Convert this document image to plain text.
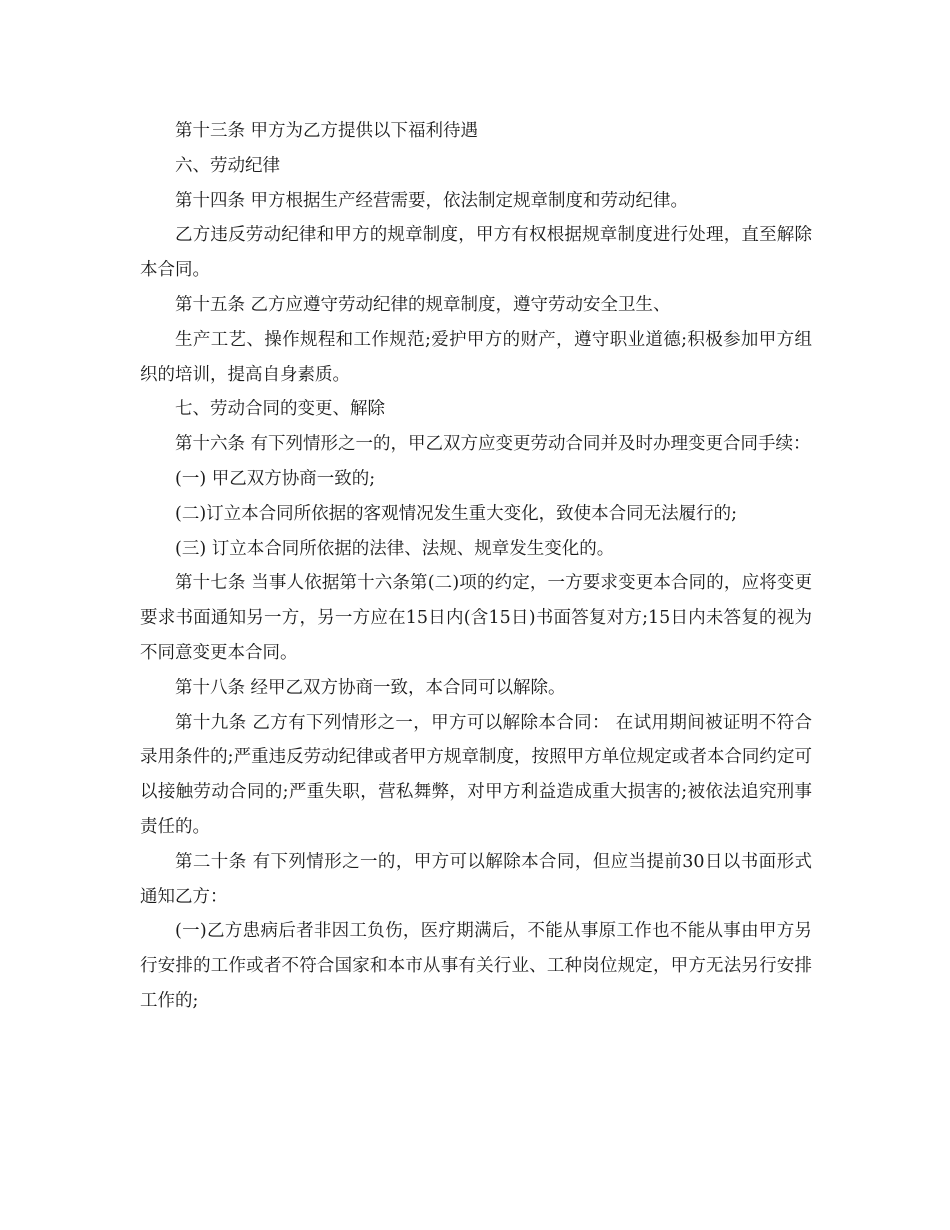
第十三条 甲方为乙方提供以下福利待遇

六、劳动纪律

第十四条 甲方根据生产经营需要，依法制定规章制度和劳动纪律。

乙方违反劳动纪律和甲方的规章制度，甲方有权根据规章制度进行处理，直至解除本合同。

第十五条 乙方应遵守劳动纪律的规章制度，遵守劳动安全卫生、

生产工艺、操作规程和工作规范;爱护甲方的财产，遵守职业道德;积极参加甲方组织的培训，提高自身素质。

七、劳动合同的变更、解除

第十六条 有下列情形之一的，甲乙双方应变更劳动合同并及时办理变更合同手续：

(一) 甲乙双方协商一致的;

(二)订立本合同所依据的客观情况发生重大变化，致使本合同无法履行的;

(三) 订立本合同所依据的法律、法规、规章发生变化的。

第十七条 当事人依据第十六条第(二)项的约定，一方要求变更本合同的，应将变更要求书面通知另一方，另一方应在15日内(含15日)书面答复对方;15日内未答复的视为不同意变更本合同。

第十八条 经甲乙双方协商一致，本合同可以解除。

第十九条 乙方有下列情形之一，甲方可以解除本合同： 在试用期间被证明不符合录用条件的;严重违反劳动纪律或者甲方规章制度，按照甲方单位规定或者本合同约定可以接触劳动合同的;严重失职，营私舞弊，对甲方利益造成重大损害的;被依法追究刑事责任的。

第二十条 有下列情形之一的，甲方可以解除本合同，但应当提前30日以书面形式通知乙方：

(一)乙方患病后者非因工负伤，医疗期满后，不能从事原工作也不能从事由甲方另行安排的工作或者不符合国家和本市从事有关行业、工种岗位规定，甲方无法另行安排工作的;
